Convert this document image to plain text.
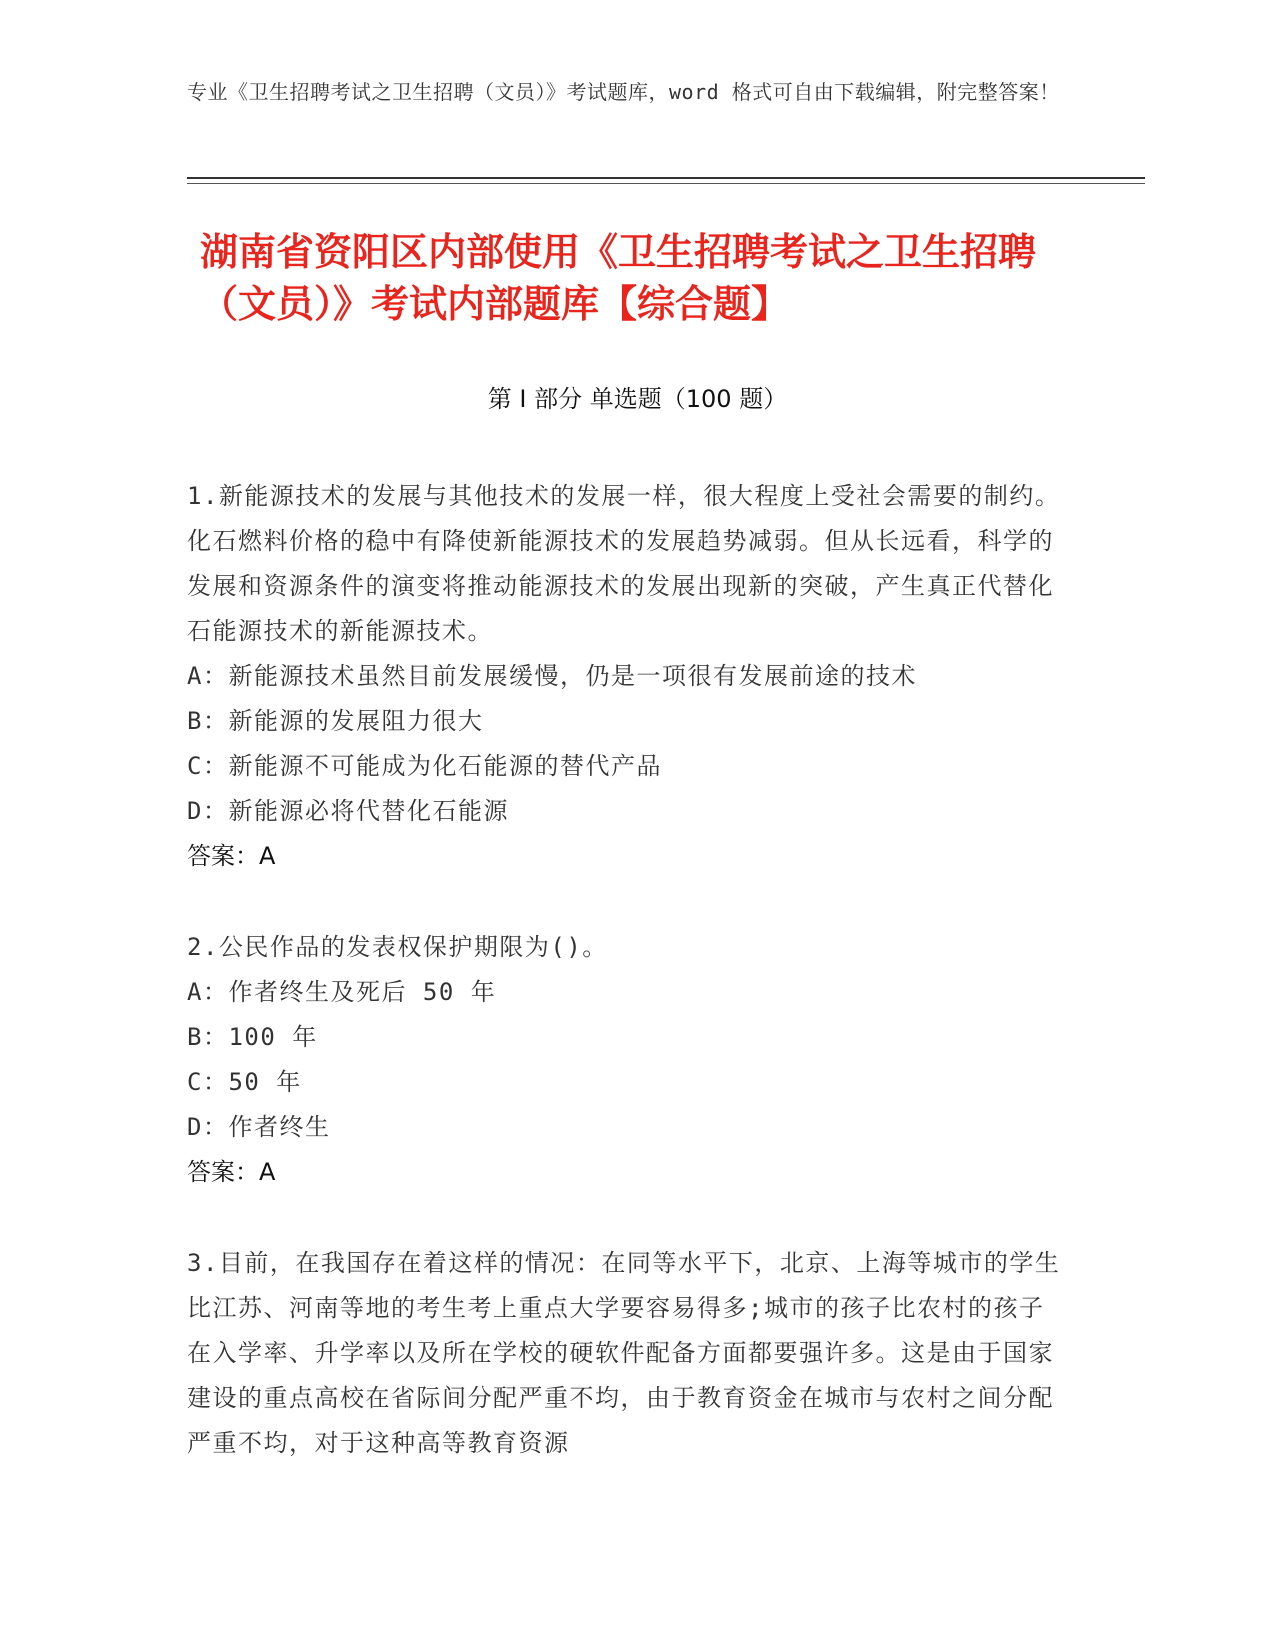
专业《卫生招聘考试之卫生招聘（文员）》考试题库，word 格式可自由下载编辑，附完整答案！
湖南省资阳区内部使用《卫生招聘考试之卫生招聘（文员）》考试内部题库【综合题】
第 I 部分 单选题（100 题）
1.新能源技术的发展与其他技术的发展一样，很大程度上受社会需要的制约。化石燃料价格的稳中有降使新能源技术的发展趋势减弱。但从长远看，科学的发展和资源条件的演变将推动能源技术的发展出现新的突破，产生真正代替化石能源技术的新能源技术。
A：新能源技术虽然目前发展缓慢，仍是一项很有发展前途的技术
B：新能源的发展阻力很大
C：新能源不可能成为化石能源的替代产品
D：新能源必将代替化石能源
答案：A
2.公民作品的发表权保护期限为()。
A：作者终生及死后 50 年
B：100 年
C：50 年
D：作者终生
答案：A
3.目前，在我国存在着这样的情况：在同等水平下，北京、上海等城市的学生比江苏、河南等地的考生考上重点大学要容易得多;城市的孩子比农村的孩子在入学率、升学率以及所在学校的硬软件配备方面都要强许多。这是由于国家建设的重点高校在省际间分配严重不均，由于教育资金在城市与农村之间分配严重不均，对于这种高等教育资源
